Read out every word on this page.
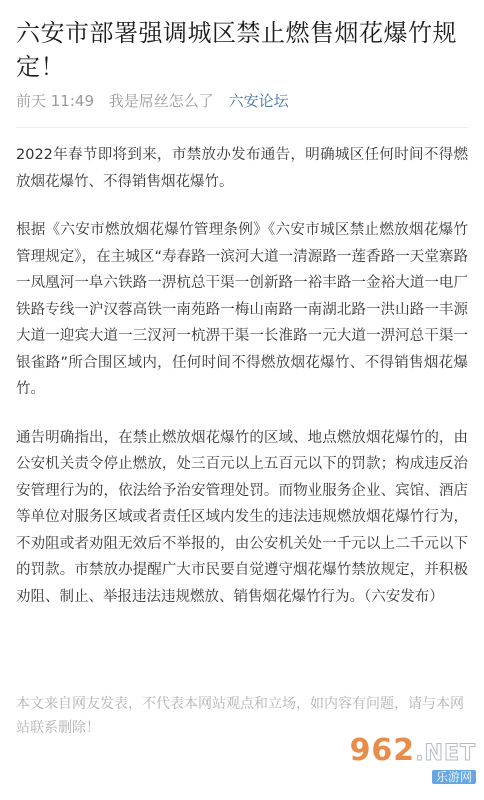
六安市部署强调城区禁止燃售烟花爆竹规定！
前天 11:49 我是屌丝怎么了 六安论坛

2022年春节即将到来，市禁放办发布通告，明确城区任何时间不得燃放烟花爆竹、不得销售烟花爆竹。

根据《六安市燃放烟花爆竹管理条例》《六安市城区禁止燃放烟花爆竹管理规定》，在主城区“寿春路一滨河大道一清源路一莲香路一天堂寨路一凤凰河一阜六铁路一淠杭总干渠一创新路一裕丰路一金裕大道一电厂铁路专线一沪汉蓉高铁一南苑路一梅山南路一南湖北路一洪山路一丰源大道一迎宾大道一三汊河一杭淠干渠一长淮路一元大道一淠河总干渠一银雀路”所合围区域内，任何时间不得燃放烟花爆竹、不得销售烟花爆竹。

通告明确指出，在禁止燃放烟花爆竹的区域、地点燃放烟花爆竹的，由公安机关责令停止燃放，处三百元以上五百元以下的罚款；构成违反治安管理行为的，依法给予治安管理处罚。而物业服务企业、宾馆、酒店等单位对服务区域或者责任区域内发生的违法违规燃放烟花爆竹行为，不劝阻或者劝阻无效后不举报的，由公安机关处一千元以上二千元以下的罚款。市禁放办提醒广大市民要自觉遵守烟花爆竹禁放规定，并积极劝阻、制止、举报违法违规燃放、销售烟花爆竹行为。（六安发布）

本文来自网友发表，不代表本网站观点和立场，如内容有问题，请与本网站联系删除！

962.NET
乐游网
